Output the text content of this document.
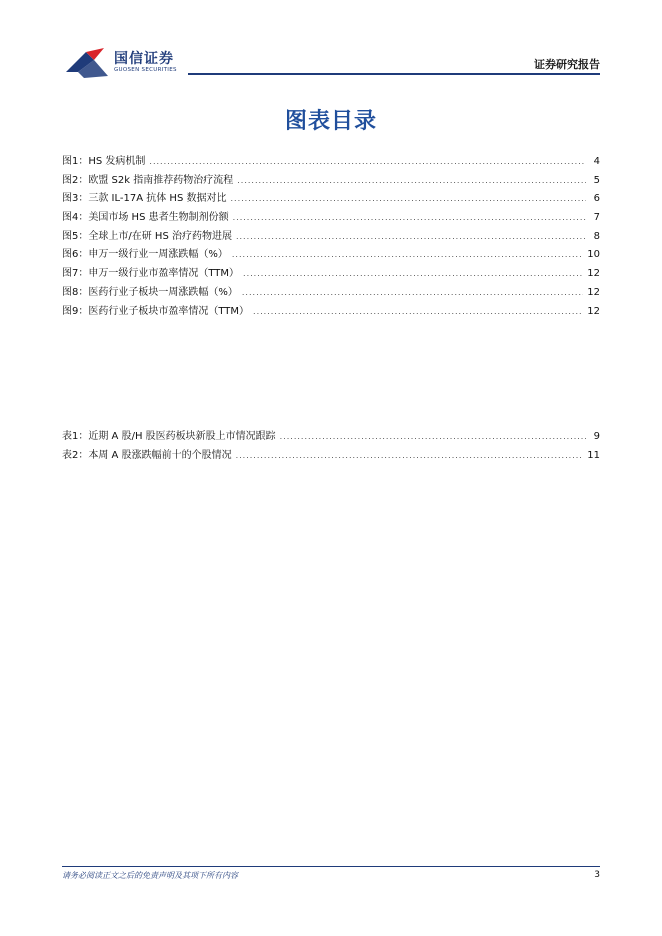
国信证券
GUOSEN SECURITIES	证券研究报告
图表目录
图1： HS 发病机制 .....	4
图2： 欧盟 S2k 指南推荐药物治疗流程 .....	5
图3： 三款 IL-17A 抗体 HS 数据对比 .....	6
图4： 美国市场 HS 患者生物制剂份额 .....	7
图5： 全球上市/在研 HS 治疗药物进展 .....	8
图6： 申万一级行业一周涨跌幅（%） .....	10
图7： 申万一级行业市盈率情况（TTM） .....	12
图8： 医药行业子板块一周涨跌幅（%） .....	12
图9： 医药行业子板块市盈率情况（TTM） .....	12
表1： 近期 A 股/H 股医药板块新股上市情况跟踪 .....	9
表2： 本周 A 股涨跌幅前十的个股情况 .....	11
请务必阅读正文之后的免责声明及其项下所有内容	3
